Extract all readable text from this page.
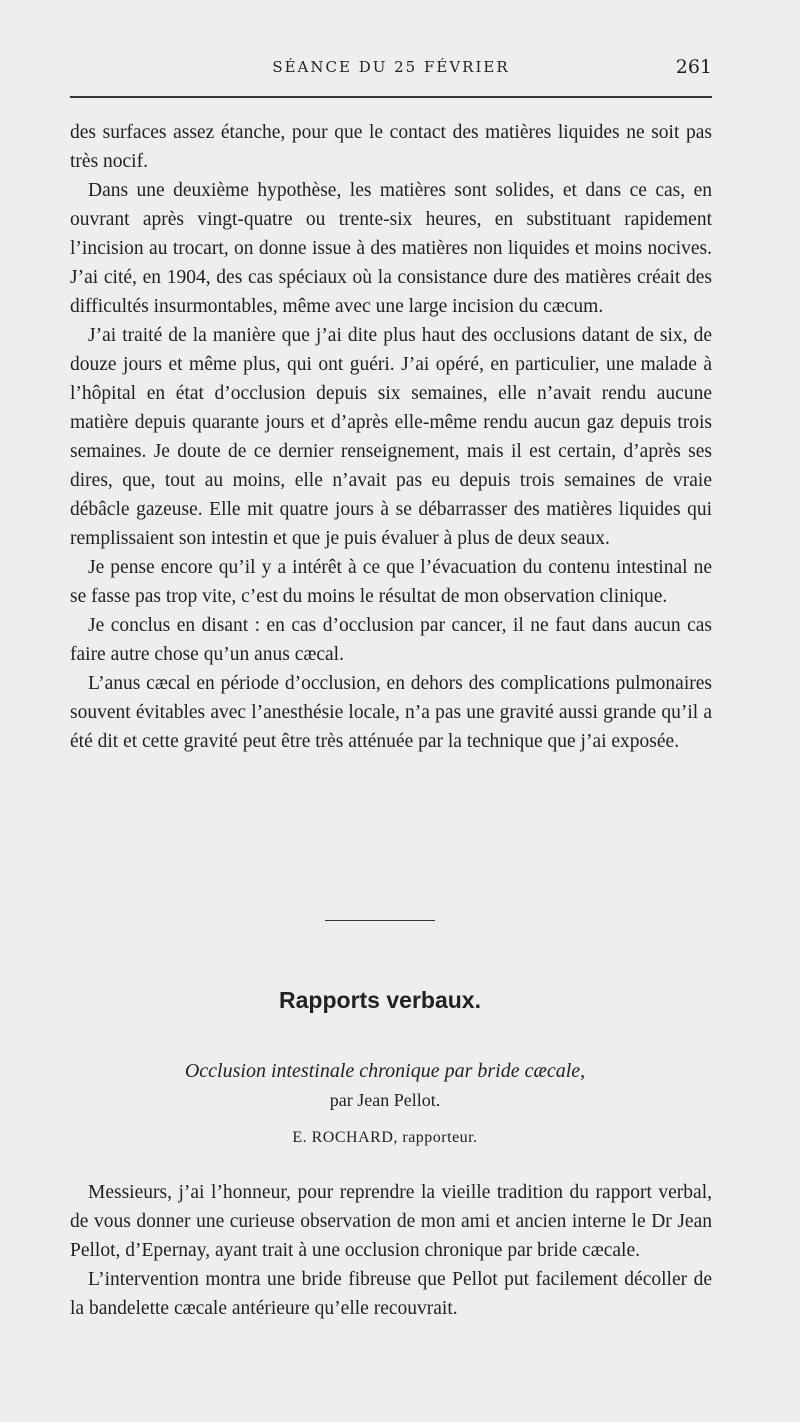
SÉANCE DU 25 FÉVRIER	261

des surfaces assez étanche, pour que le contact des matières liquides ne soit pas très nocif.

Dans une deuxième hypothèse, les matières sont solides, et dans ce cas, en ouvrant après vingt-quatre ou trente-six heures, en substituant rapidement l’incision au trocart, on donne issue à des matières non liquides et moins nocives. J’ai cité, en 1904, des cas spéciaux où la consistance dure des matières créait des difficultés insurmontables, même avec une large incision du cæcum.

J’ai traité de la manière que j’ai dite plus haut des occlusions datant de six, de douze jours et même plus, qui ont guéri. J’ai opéré, en particulier, une malade à l’hôpital en état d’occlusion depuis six semaines, elle n’avait rendu aucune matière depuis quarante jours et d’après elle-même rendu aucun gaz depuis trois semaines. Je doute de ce dernier renseignement, mais il est certain, d’après ses dires, que, tout au moins, elle n’avait pas eu depuis trois semaines de vraie débâcle gazeuse. Elle mit quatre jours à se débarrasser des matières liquides qui remplissaient son intestin et que je puis évaluer à plus de deux seaux.

Je pense encore qu’il y a intérêt à ce que l’évacuation du contenu intestinal ne se fasse pas trop vite, c’est du moins le résultat de mon observation clinique.

Je conclus en disant : en cas d’occlusion par cancer, il ne faut dans aucun cas faire autre chose qu’un anus cæcal.

L’anus cæcal en période d’occlusion, en dehors des complications pulmonaires souvent évitables avec l’anesthésie locale, n’a pas une gravité aussi grande qu’il a été dit et cette gravité peut être très atténuée par la technique que j’ai exposée.

Rapports verbaux.
Occlusion intestinale chronique par bride cæcale,
par Jean Pellot.
E. ROCHARD, rapporteur.

Messieurs, j’ai l’honneur, pour reprendre la vieille tradition du rapport verbal, de vous donner une curieuse observation de mon ami et ancien interne le Dr Jean Pellot, d’Epernay, ayant trait à une occlusion chronique par bride cæcale.

L’intervention montra une bride fibreuse que Pellot put facilement décoller de la bandelette cæcale antérieure qu’elle recouvrait.
